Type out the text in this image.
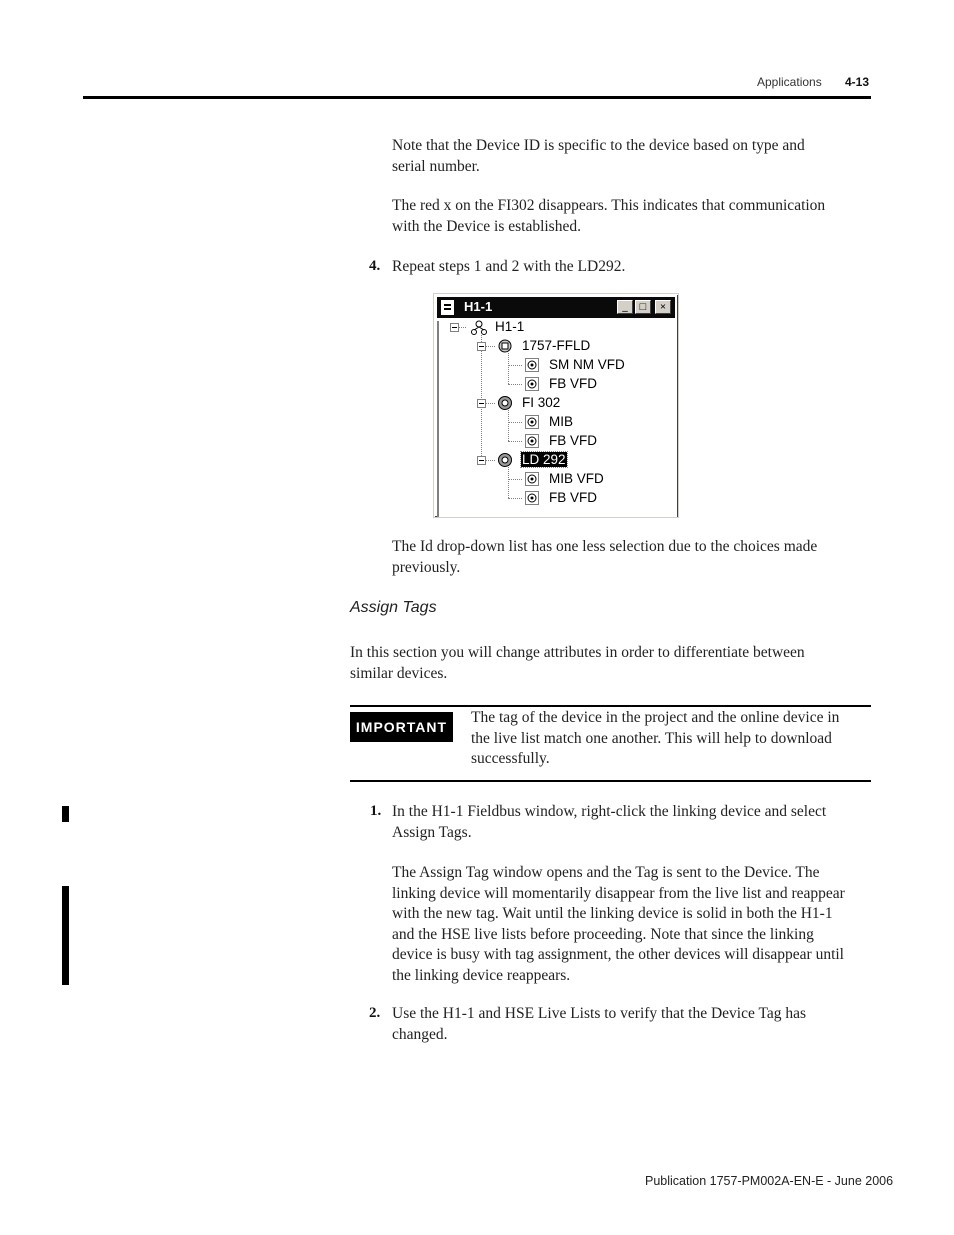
Applications 4-13
Note that the Device ID is specific to the device based on type and
serial number.
The red x on the FI302 disappears. This indicates that communication
with the Device is established.
4. Repeat steps 1 and 2 with the LD292.
H1-1	_	□	×
H1-1
1757-FFLD
SM NM VFD
FB VFD
FI 302
MIB
FB VFD
LD 292
MIB VFD
FB VFD
The Id drop-down list has one less selection due to the choices made
previously.
Assign Tags
In this section you will change attributes in order to differentiate between
similar devices.
IMPORTANT
The tag of the device in the project and the online device in
the live list match one another. This will help to download
successfully.
1. In the H1-1 Fieldbus window, right-click the linking device and select
Assign Tags.
The Assign Tag window opens and the Tag is sent to the Device. The
linking device will momentarily disappear from the live list and reappear
with the new tag. Wait until the linking device is solid in both the H1-1
and the HSE live lists before proceeding. Note that since the linking
device is busy with tag assignment, the other devices will disappear until
the linking device reappears.
2. Use the H1-1 and HSE Live Lists to verify that the Device Tag has
changed.
Publication 1757-PM002A-EN-E - June 2006
